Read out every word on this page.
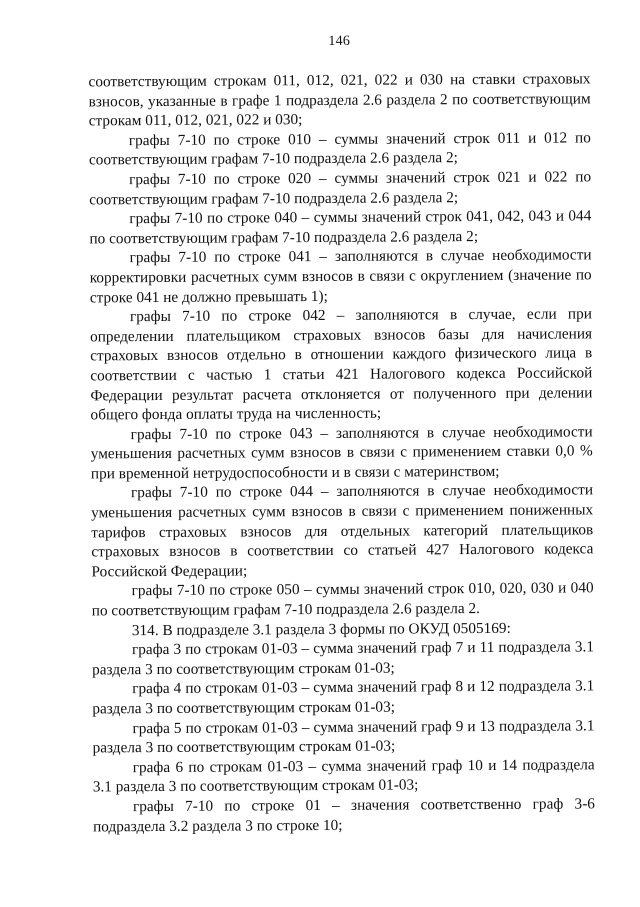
146

соответствующим строкам 011, 012, 021, 022 и 030 на ставки страховых взносов, указанные в графе 1 подраздела 2.6 раздела 2 по соответствующим строкам 011, 012, 021, 022 и 030;

графы 7-10 по строке 010 – суммы значений строк 011 и 012 по соответствующим графам 7-10 подраздела 2.6 раздела 2;

графы 7-10 по строке 020 – суммы значений строк 021 и 022 по соответствующим графам 7-10 подраздела 2.6 раздела 2;

графы 7-10 по строке 040 – суммы значений строк 041, 042, 043 и 044 по соответствующим графам 7-10 подраздела 2.6 раздела 2;

графы 7-10 по строке 041 – заполняются в случае необходимости корректировки расчетных сумм взносов в связи с округлением (значение по строке 041 не должно превышать 1);

графы 7-10 по строке 042 – заполняются в случае, если при определении плательщиком страховых взносов базы для начисления страховых взносов отдельно в отношении каждого физического лица в соответствии с частью 1 статьи 421 Налогового кодекса Российской Федерации результат расчета отклоняется от полученного при делении общего фонда оплаты труда на численность;

графы 7-10 по строке 043 – заполняются в случае необходимости уменьшения расчетных сумм взносов в связи с применением ставки 0,0 % при временной нетрудоспособности и в связи с материнством;

графы 7-10 по строке 044 – заполняются в случае необходимости уменьшения расчетных сумм взносов в связи с применением пониженных тарифов страховых взносов для отдельных категорий плательщиков страховых взносов в соответствии со статьей 427 Налогового кодекса Российской Федерации;

графы 7-10 по строке 050 – суммы значений строк 010, 020, 030 и 040 по соответствующим графам 7-10 подраздела 2.6 раздела 2.

314. В подразделе 3.1 раздела 3 формы по ОКУД 0505169:

графа 3 по строкам 01-03 – сумма значений граф 7 и 11 подраздела 3.1 раздела 3 по соответствующим строкам 01-03;

графа 4 по строкам 01-03 – сумма значений граф 8 и 12 подраздела 3.1 раздела 3 по соответствующим строкам 01-03;

графа 5 по строкам 01-03 – сумма значений граф 9 и 13 подраздела 3.1 раздела 3 по соответствующим строкам 01-03;

графа 6 по строкам 01-03 – сумма значений граф 10 и 14 подраздела 3.1 раздела 3 по соответствующим строкам 01-03;

графы 7-10 по строке 01 – значения соответственно граф 3-6 подраздела 3.2 раздела 3 по строке 10;
